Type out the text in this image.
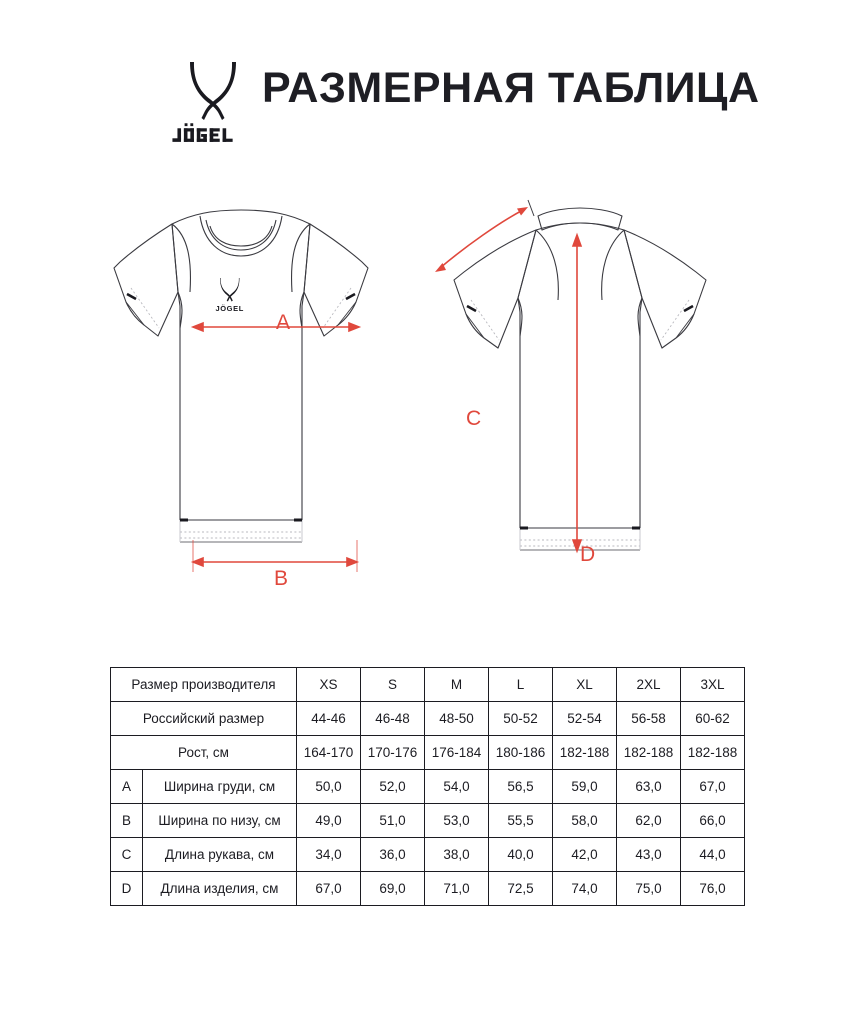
РАЗМЕРНАЯ ТАБЛИЦА
JÖGEL
A
B
C
D
Размер производителя		XS	S	M	L	XL	2XL	3XL
Российский размер		44-46	46-48	48-50	50-52	52-54	56-58	60-62
Рост, см		164-170	170-176	176-184	180-186	182-188	182-188	182-188
A	Ширина груди, см	50,0	52,0	54,0	56,5	59,0	63,0	67,0
B	Ширина по низу, см	49,0	51,0	53,0	55,5	58,0	62,0	66,0
C	Длина рукава, см	34,0	36,0	38,0	40,0	42,0	43,0	44,0
D	Длина изделия, см	67,0	69,0	71,0	72,5	74,0	75,0	76,0
